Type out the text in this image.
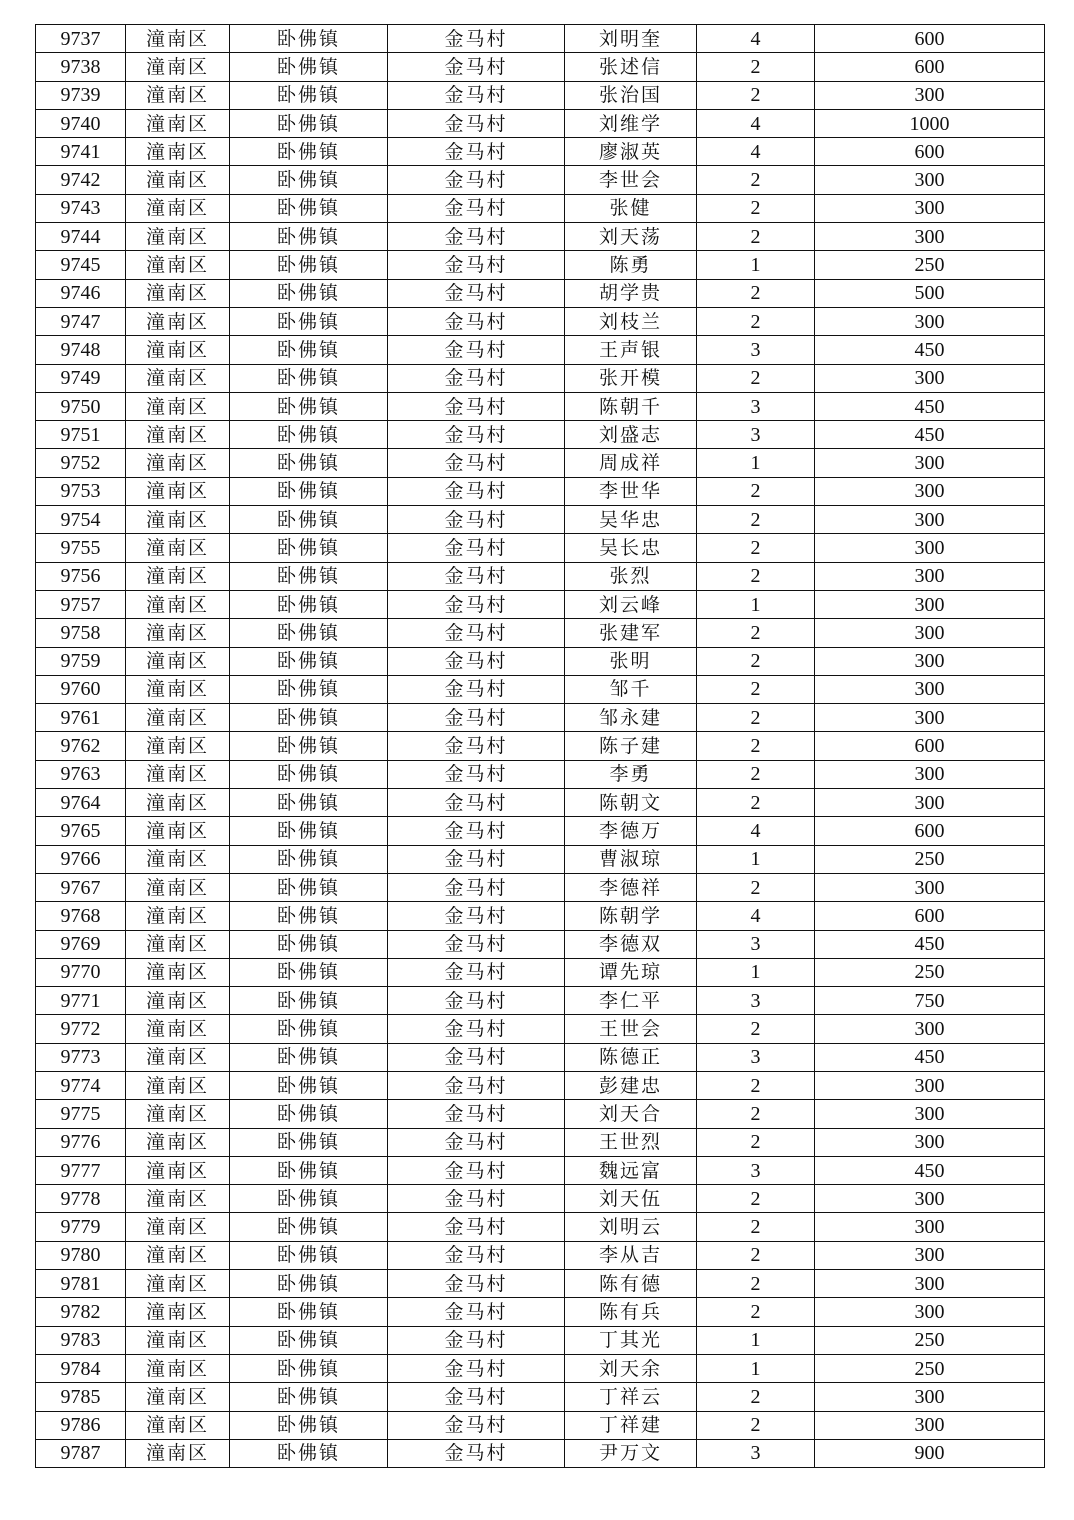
9737	潼南区	卧佛镇	金马村	刘明奎	4	600
9738	潼南区	卧佛镇	金马村	张述信	2	600
9739	潼南区	卧佛镇	金马村	张治国	2	300
9740	潼南区	卧佛镇	金马村	刘维学	4	1000
9741	潼南区	卧佛镇	金马村	廖淑英	4	600
9742	潼南区	卧佛镇	金马村	李世会	2	300
9743	潼南区	卧佛镇	金马村	张健	2	300
9744	潼南区	卧佛镇	金马村	刘天荡	2	300
9745	潼南区	卧佛镇	金马村	陈勇	1	250
9746	潼南区	卧佛镇	金马村	胡学贵	2	500
9747	潼南区	卧佛镇	金马村	刘枝兰	2	300
9748	潼南区	卧佛镇	金马村	王声银	3	450
9749	潼南区	卧佛镇	金马村	张开模	2	300
9750	潼南区	卧佛镇	金马村	陈朝千	3	450
9751	潼南区	卧佛镇	金马村	刘盛志	3	450
9752	潼南区	卧佛镇	金马村	周成祥	1	300
9753	潼南区	卧佛镇	金马村	李世华	2	300
9754	潼南区	卧佛镇	金马村	吴华忠	2	300
9755	潼南区	卧佛镇	金马村	吴长忠	2	300
9756	潼南区	卧佛镇	金马村	张烈	2	300
9757	潼南区	卧佛镇	金马村	刘云峰	1	300
9758	潼南区	卧佛镇	金马村	张建军	2	300
9759	潼南区	卧佛镇	金马村	张明	2	300
9760	潼南区	卧佛镇	金马村	邹千	2	300
9761	潼南区	卧佛镇	金马村	邹永建	2	300
9762	潼南区	卧佛镇	金马村	陈子建	2	600
9763	潼南区	卧佛镇	金马村	李勇	2	300
9764	潼南区	卧佛镇	金马村	陈朝文	2	300
9765	潼南区	卧佛镇	金马村	李德万	4	600
9766	潼南区	卧佛镇	金马村	曹淑琼	1	250
9767	潼南区	卧佛镇	金马村	李德祥	2	300
9768	潼南区	卧佛镇	金马村	陈朝学	4	600
9769	潼南区	卧佛镇	金马村	李德双	3	450
9770	潼南区	卧佛镇	金马村	谭先琼	1	250
9771	潼南区	卧佛镇	金马村	李仁平	3	750
9772	潼南区	卧佛镇	金马村	王世会	2	300
9773	潼南区	卧佛镇	金马村	陈德正	3	450
9774	潼南区	卧佛镇	金马村	彭建忠	2	300
9775	潼南区	卧佛镇	金马村	刘天合	2	300
9776	潼南区	卧佛镇	金马村	王世烈	2	300
9777	潼南区	卧佛镇	金马村	魏远富	3	450
9778	潼南区	卧佛镇	金马村	刘天伍	2	300
9779	潼南区	卧佛镇	金马村	刘明云	2	300
9780	潼南区	卧佛镇	金马村	李从吉	2	300
9781	潼南区	卧佛镇	金马村	陈有德	2	300
9782	潼南区	卧佛镇	金马村	陈有兵	2	300
9783	潼南区	卧佛镇	金马村	丁其光	1	250
9784	潼南区	卧佛镇	金马村	刘天余	1	250
9785	潼南区	卧佛镇	金马村	丁祥云	2	300
9786	潼南区	卧佛镇	金马村	丁祥建	2	300
9787	潼南区	卧佛镇	金马村	尹万文	3	900
